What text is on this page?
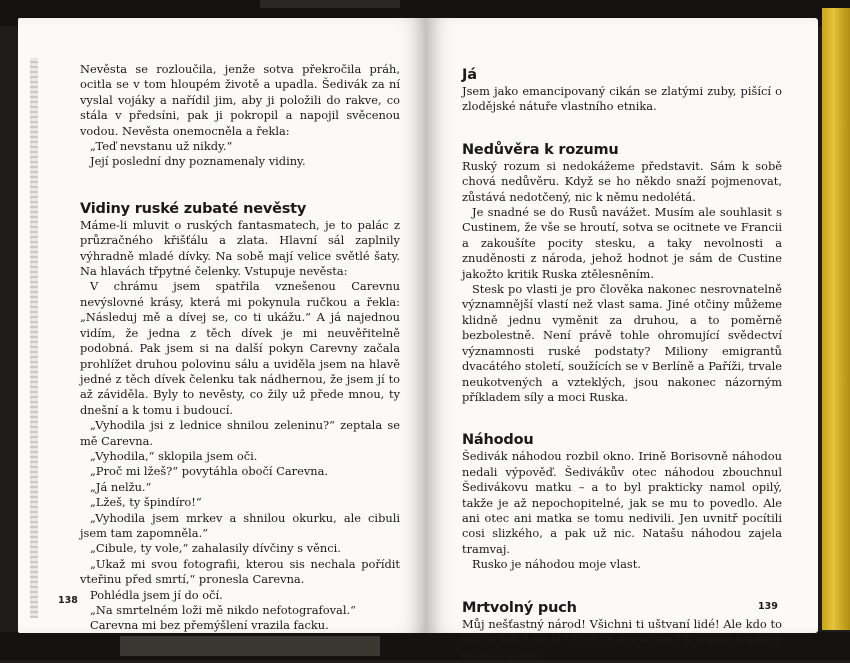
Nevěsta se rozloučila, jenže sotva překročila práh, ocitla se v tom hloupém životě a upadla. Šedivák za ní vyslal vojáky a nařídil jim, aby ji položili do rakve, co stála v předsíni, pak ji pokropil a napojil svěcenou vodou. Nevěsta onemocněla a řekla:

„Teď nevstanu už nikdy.“

Její poslední dny poznamenaly vidiny.

Vidiny ruské zubaté nevěsty

Máme-li mluvit o ruských fantasmatech, je to palác z průzračného křišťálu a zlata. Hlavní sál zaplnily výhradně mladé dívky. Na sobě mají velice světlé šaty. Na hlavách třpytné čelenky. Vstupuje nevěsta:

V chrámu jsem spatřila vznešenou Carevnu nevýslovné krásy, která mi pokynula ručkou a řekla: „Následuj mě a dívej se, co ti ukážu.“ A já najednou vidím, že jedna z těch dívek je mi neuvěřitelně podobná. Pak jsem si na další pokyn Carevny začala prohlížet druhou polovinu sálu a uviděla jsem na hlavě jedné z těch dívek čelenku tak nádhernou, že jsem jí to až záviděla. Byly to nevěsty, co žily už přede mnou, ty dnešní a k tomu i budoucí.

„Vyhodila jsi z lednice shnilou zeleninu?“ zeptala se mě Carevna.

„Vyhodila,“ sklopila jsem oči.

„Proč mi lžeš?“ povytáhla obočí Carevna.

„Já nelžu.“

„Lžeš, ty špindíro!“

„Vyhodila jsem mrkev a shnilou okurku, ale cibuli jsem tam zapomněla.“

„Cibule, ty vole,“ zahalasily dívčiny s věnci.

„Ukaž mi svou fotografii, kterou sis nechala pořídit vteřinu před smrtí,“ pronesla Carevna.

Pohlédla jsem jí do očí.

„Na smrtelném loži mě nikdo nefotografoval.“

Carevna mi bez přemýšlení vrazila facku.

138
Já

Jsem jako emancipovaný cikán se zlatými zuby, pišící o zlodějské nátuře vlastního etnika.

Nedůvěra k rozumu

Ruský rozum si nedokážeme představit. Sám k sobě chová nedůvěru. Když se ho někdo snaží pojmenovat, zůstává nedotčený, nic k němu nedolétá.

Je snadné se do Rusů navážet. Musím ale souhlasit s Custinem, že vše se hroutí, sotva se ocitnete ve Francii a zakoušíte pocity stesku, a taky nevolnosti a znuděnosti z národa, jehož hodnot je sám de Custine jakožto kritik Ruska ztělesněním.

Stesk po vlasti je pro člověka nakonec nesrovnatelně významnější vlastí než vlast sama. Jiné otčiny můžeme klidně jednu vyměnit za druhou, a to poměrně bezbolestně. Není právě tohle ohromující svědectví významnosti ruské podstaty? Miliony emigrantů dvacátého století, soužících se v Berlíně a Paříži, trvale neukotvených a vzteklých, jsou nakonec názorným příkladem síly a moci Ruska.

Náhodou

Šedivák náhodou rozbil okno. Irině Borisovně náhodou nedali výpověď. Šedivákův otec náhodou zbouchnul Šedivákovu matku – a to byl prakticky namol opilý, takže je až nepochopitelné, jak se mu to povedlo. Ale ani otec ani matka se tomu nedivili. Jen uvnitř pocítili cosi slizkého, a pak už nic. Natašu náhodou zajela tramvaj.

Rusko je náhodou moje vlast.

Mrtvolný puch

Můj nešťastný národ! Všichni ti uštvaní lidé! Ale kdo to udělá, když ne já? Proč to asi dělám? V zájmu nápravy mravů? Nebo

139
